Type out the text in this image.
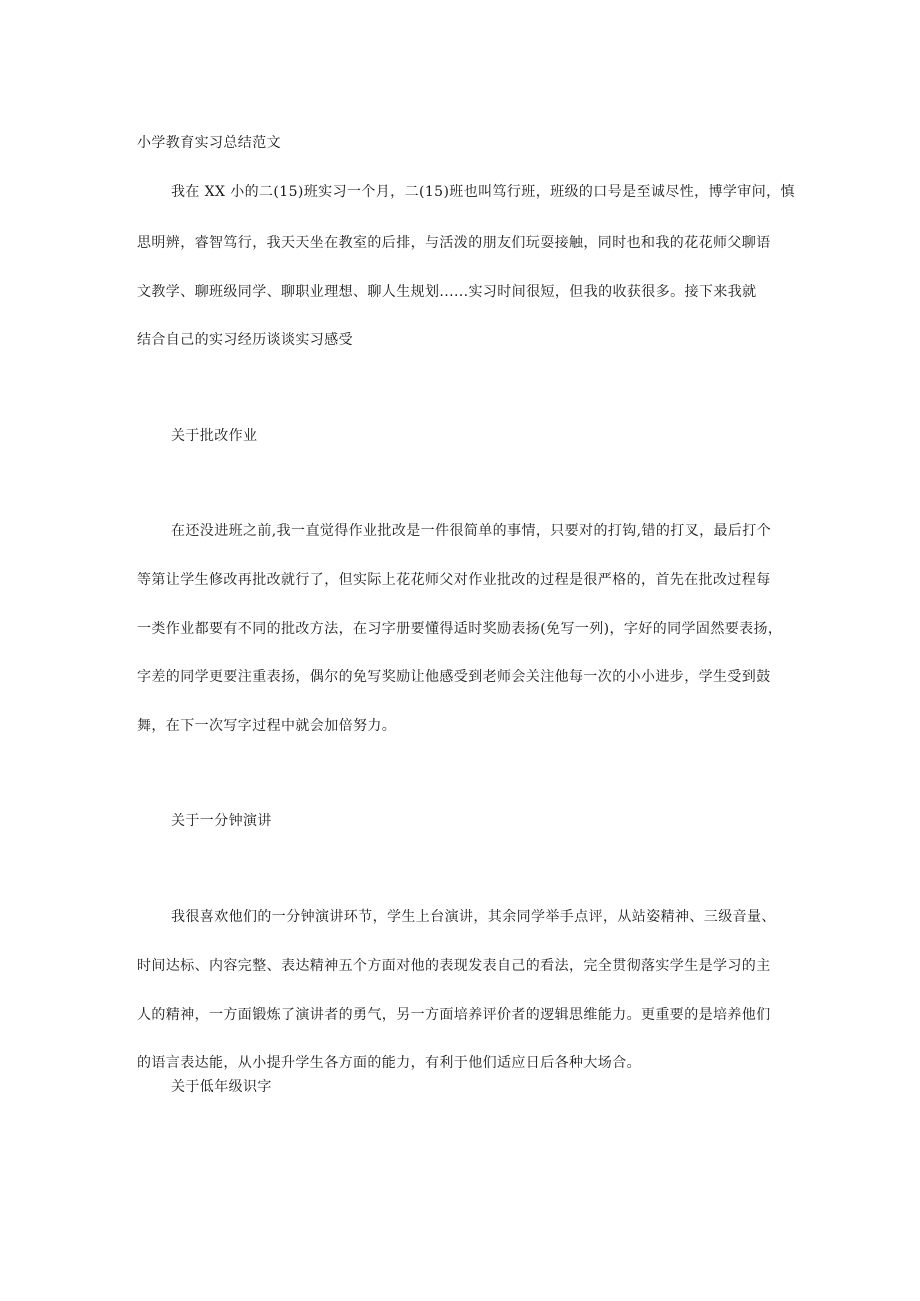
小学教育实习总结范文
我在 XX 小的二(15)班实习一个月，二(15)班也叫笃行班，班级的口号是至诚尽性，博学审问，慎
思明辨，睿智笃行，我天天坐在教室的后排，与活泼的朋友们玩耍接触，同时也和我的花花师父聊语
文教学、聊班级同学、聊职业理想、聊人生规划......实习时间很短，但我的收获很多。接下来我就
结合自己的实习经历谈谈实习感受
关于批改作业
在还没进班之前,我一直觉得作业批改是一件很简单的事情，只要对的打钩,错的打叉，最后打个
等第让学生修改再批改就行了，但实际上花花师父对作业批改的过程是很严格的，首先在批改过程每
一类作业都要有不同的批改方法，在习字册要懂得适时奖励表扬(免写一列)，字好的同学固然要表扬，
字差的同学更要注重表扬，偶尔的免写奖励让他感受到老师会关注他每一次的小小进步，学生受到鼓
舞，在下一次写字过程中就会加倍努力。
关于一分钟演讲
我很喜欢他们的一分钟演讲环节，学生上台演讲，其余同学举手点评，从站姿精神、三级音量、
时间达标、内容完整、表达精神五个方面对他的表现发表自己的看法，完全贯彻落实学生是学习的主
人的精神，一方面锻炼了演讲者的勇气，另一方面培养评价者的逻辑思维能力。更重要的是培养他们
的语言表达能，从小提升学生各方面的能力，有利于他们适应日后各种大场合。
关于低年级识字
